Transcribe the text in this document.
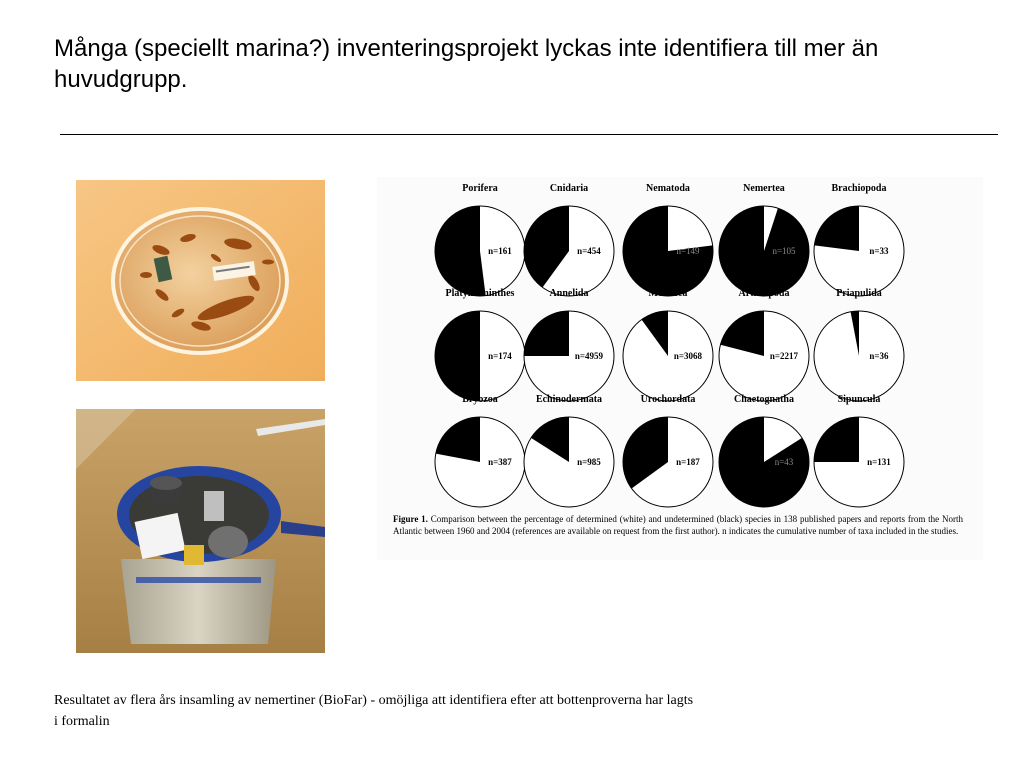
Många (speciellt marina?) inventeringsprojekt lyckas inte identifiera till mer än huvudgrupp.
Porifera
n=161
Cnidaria
n=454
Nematoda
n=149
Nemertea
n=105
Brachiopoda
n=33
Platyhelminthes
n=174
Annelida
n=4959
Mollusca
n=3068
Arthropoda
n=2217
Priapulida
n=36
Bryozoa
n=387
Echinodermata
n=985
Urochordata
n=187
Chaetognatha
n=43
Sipuncula
n=131
Figure 1. Comparison between the percentage of determined (white) and undetermined (black) species in 138 published papers and reports from the North Atlantic between 1960 and 2004 (references are available on request from the first author). n indicates the cumulative number of taxa included in the studies.
Resultatet av flera års insamling av nemertiner (BioFar) - omöjliga att identifiera efter att bottenproverna har lagts i formalin
